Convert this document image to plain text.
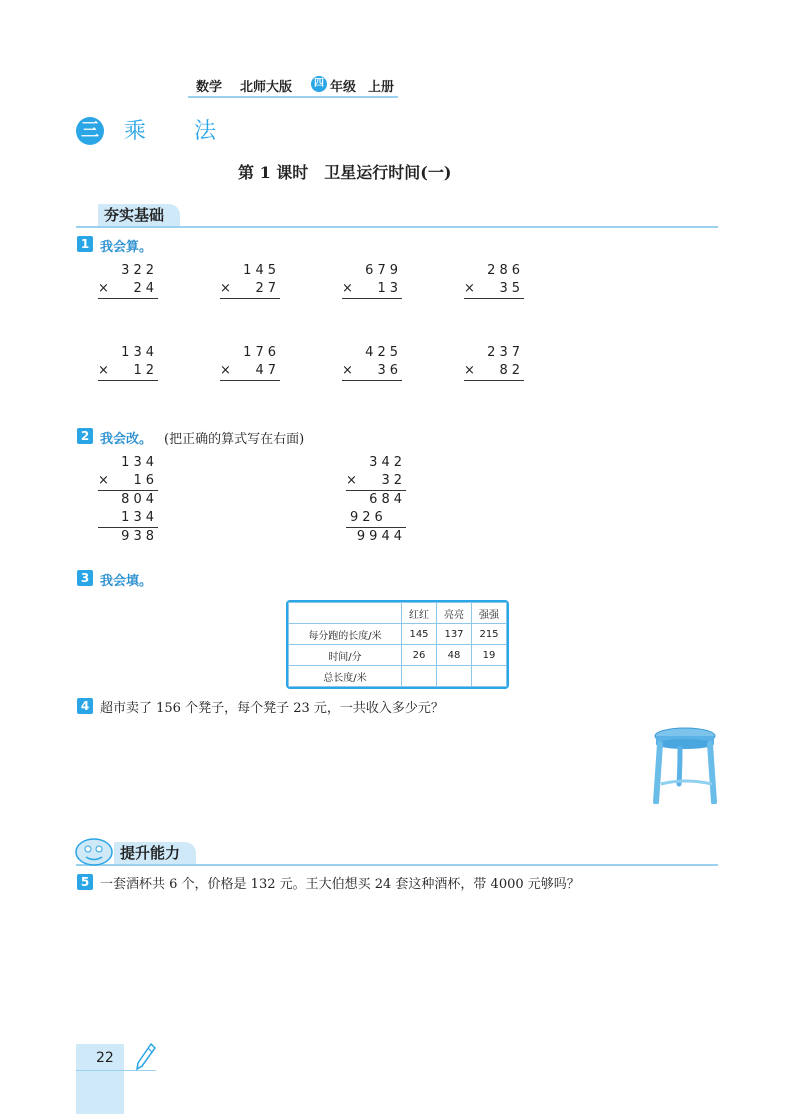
数学 北师大版	四 年级 上册
三 乘法
第 1 课时　卫星运行时间(一)
夯实基础
1 我会算。
322
× 24
145
× 27
679
× 13
286
× 35
134
× 12
176
× 47
425
× 36
237
× 82
2 我会改。 (把正确的算式写在右面)
134
× 16
804
134
938
342
× 32
684
926
9944
3 我会填。
	红红	亮亮	强强
每分跑的长度/米	145	137	215
时间/分	26	48	19
总长度/米			
4 超市卖了 156 个凳子，每个凳子 23 元，一共收入多少元？
提升能力
5 一套酒杯共 6 个，价格是 132 元。王大伯想买 24 套这种酒杯，带 4000 元够吗？
22
